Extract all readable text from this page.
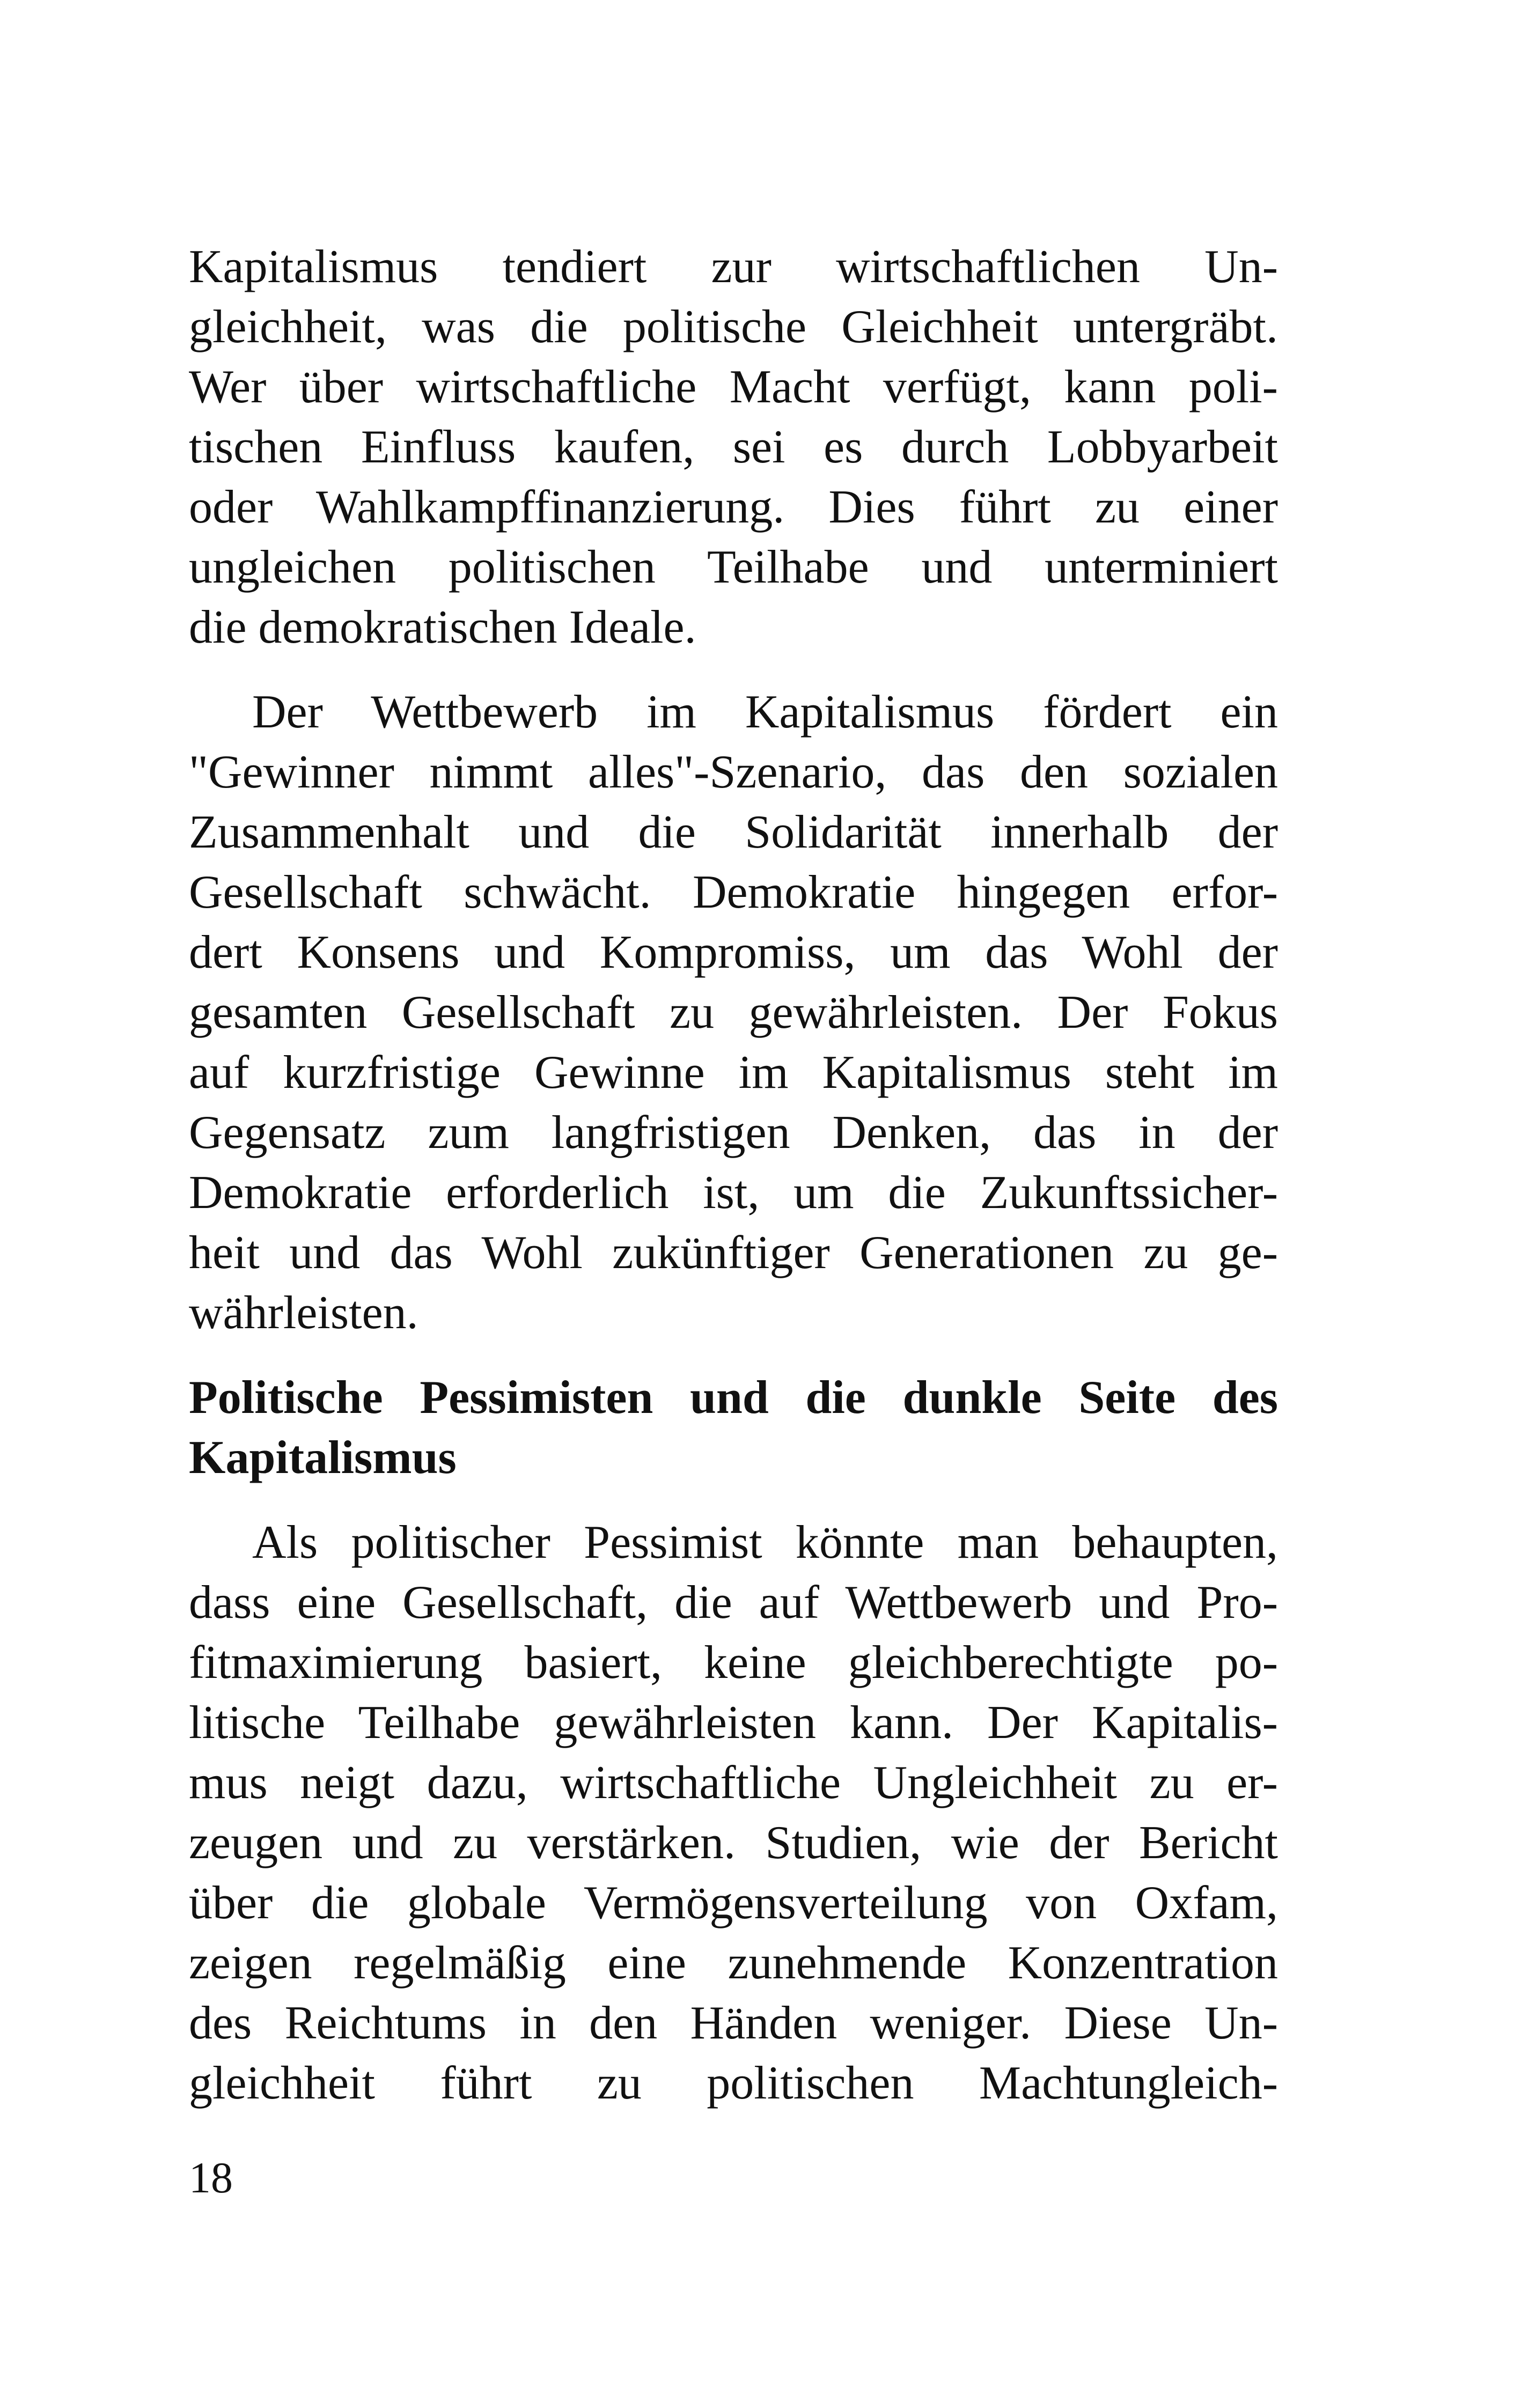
Kapitalismus tendiert zur wirtschaftlichen Un-
gleichheit, was die politische Gleichheit untergräbt.
Wer über wirtschaftliche Macht verfügt, kann poli-
tischen Einfluss kaufen, sei es durch Lobbyarbeit
oder Wahlkampffinanzierung. Dies führt zu einer
ungleichen politischen Teilhabe und unterminiert
die demokratischen Ideale.
Der Wettbewerb im Kapitalismus fördert ein
"Gewinner nimmt alles"-Szenario, das den sozialen
Zusammenhalt und die Solidarität innerhalb der
Gesellschaft schwächt. Demokratie hingegen erfor-
dert Konsens und Kompromiss, um das Wohl der
gesamten Gesellschaft zu gewährleisten. Der Fokus
auf kurzfristige Gewinne im Kapitalismus steht im
Gegensatz zum langfristigen Denken, das in der
Demokratie erforderlich ist, um die Zukunftssicher-
heit und das Wohl zukünftiger Generationen zu ge-
währleisten.
Politische Pessimisten und die dunkle Seite des
Kapitalismus
Als politischer Pessimist könnte man behaupten,
dass eine Gesellschaft, die auf Wettbewerb und Pro-
fitmaximierung basiert, keine gleichberechtigte po-
litische Teilhabe gewährleisten kann. Der Kapitalis-
mus neigt dazu, wirtschaftliche Ungleichheit zu er-
zeugen und zu verstärken. Studien, wie der Bericht
über die globale Vermögensverteilung von Oxfam,
zeigen regelmäßig eine zunehmende Konzentration
des Reichtums in den Händen weniger. Diese Un-
gleichheit führt zu politischen Machtungleich-
18
